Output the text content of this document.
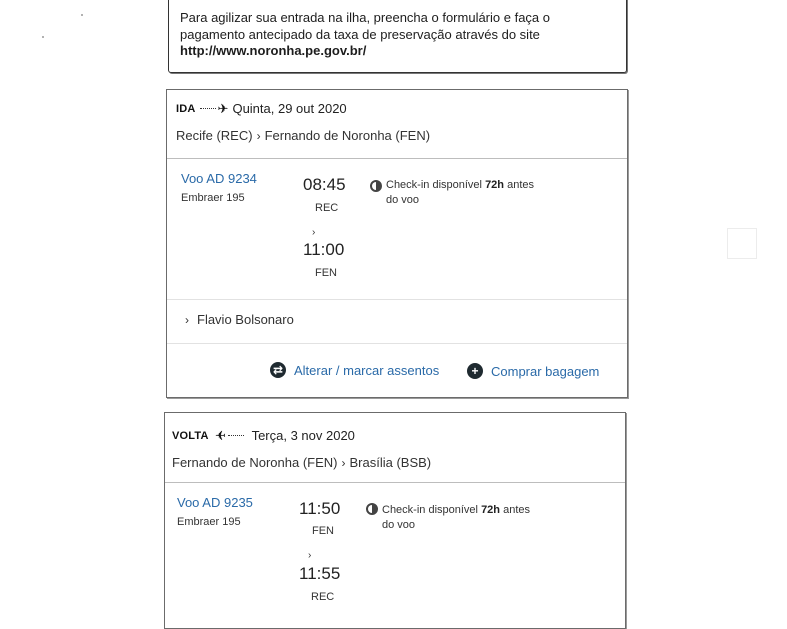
Para agilizar sua entrada na ilha, preencha o formulário e faça o
pagamento antecipado da taxa de preservação através do site
http://www.noronha.pe.gov.br/
IDA ✈ Quinta, 29 out 2020
Recife (REC) › Fernando de Noronha (FEN)
Voo AD 9234
Embraer 195
08:45
REC
›
11:00
FEN
Check-in disponível 72h antes
do voo
› Flavio Bolsonaro
⇄ Alterar / marcar assentos	+ Comprar bagagem
VOLTA ✈ Terça, 3 nov 2020
Fernando de Noronha (FEN) › Brasília (BSB)
Voo AD 9235
Embraer 195
11:50
FEN
›
11:55
REC
Check-in disponível 72h antes
do voo
